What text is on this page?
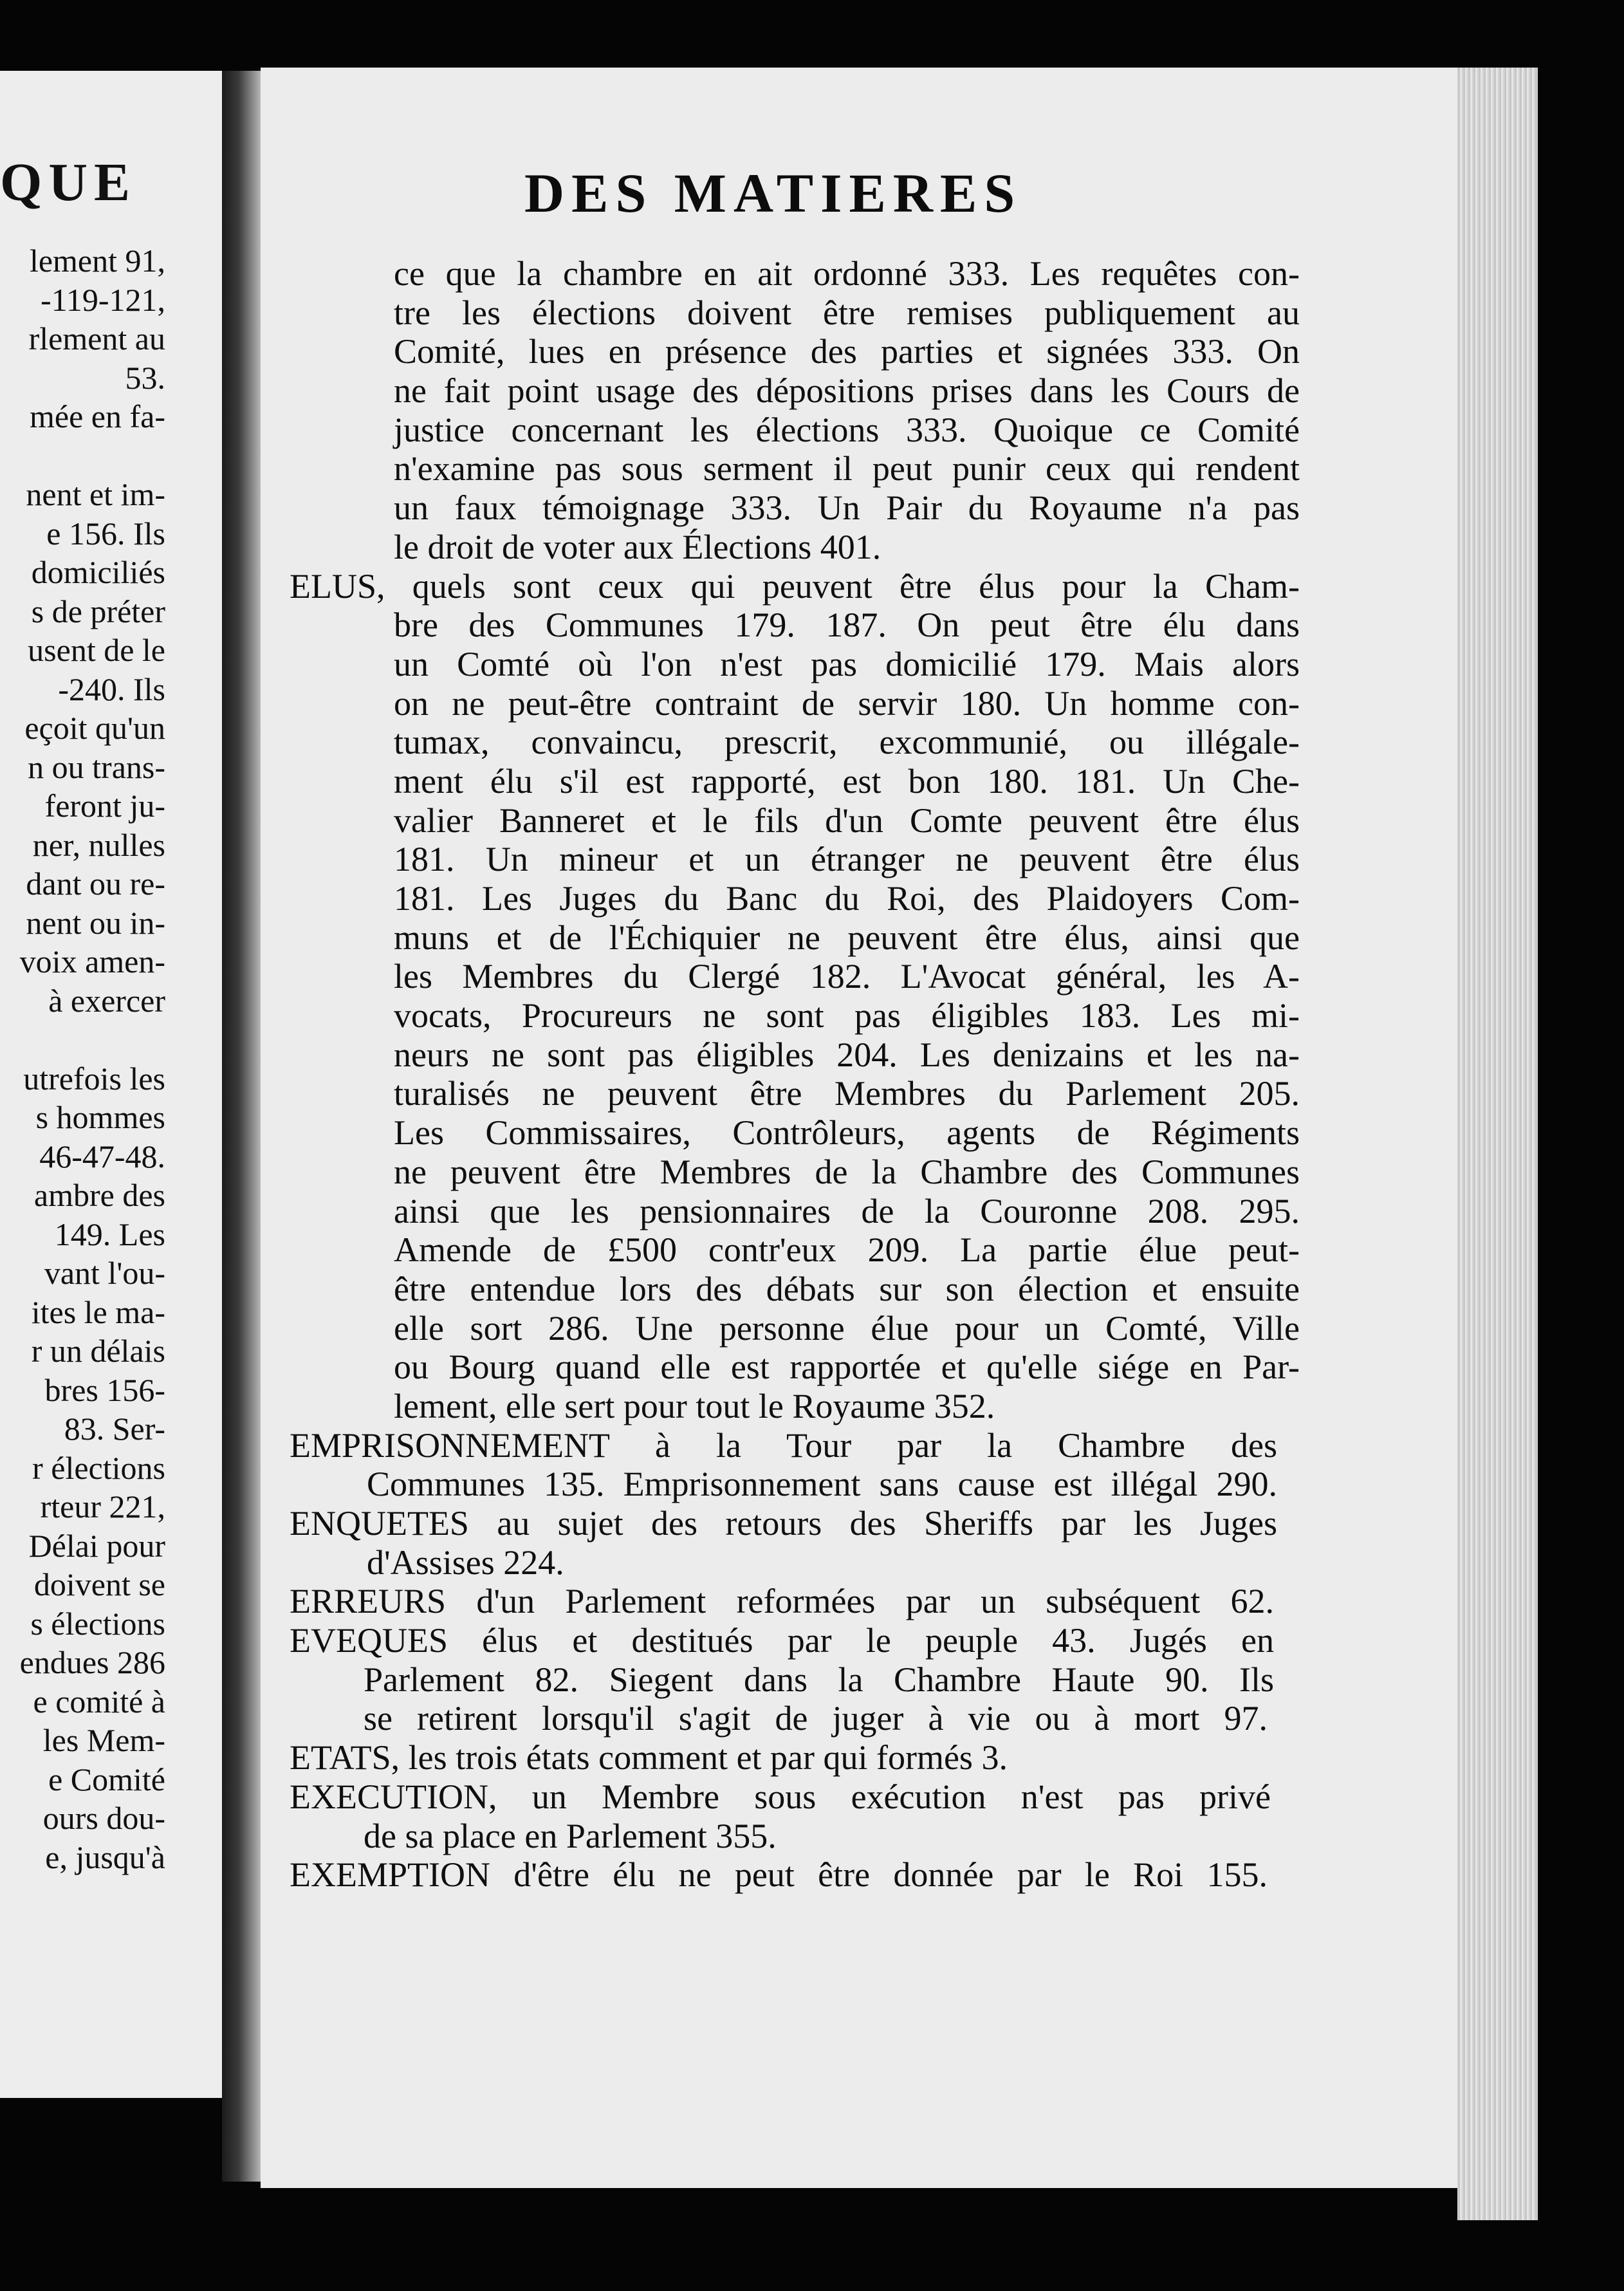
QUE
lement 91,
-119-121,
rlement au
53.
mée en fa-
nent et im-
e 156. Ils
domiciliés
s de préter
usent de le
-240. Ils
eçoit qu'un
n ou trans-
feront ju-
ner, nulles
dant ou re-
nent ou in-
voix amen-
à exercer
utrefois les
s hommes
46-47-48.
ambre des
149. Les
vant l'ou-
ites le ma-
r un délais
bres 156-
83. Ser-
r élections
rteur 221,
Délai pour
doivent se
s élections
endues 286
e comité à
les Mem-
e Comité
ours dou-
e, jusqu'à
DES MATIERES
ce que la chambre en ait ordonné 333. Les requêtes con-
tre les élections doivent être remises publiquement au
Comité, lues en présence des parties et signées 333. On
ne fait point usage des dépositions prises dans les Cours de
justice concernant les élections 333. Quoique ce Comité
n'examine pas sous serment il peut punir ceux qui rendent
un faux témoignage 333. Un Pair du Royaume n'a pas
le droit de voter aux Élections 401.
ELUS, quels sont ceux qui peuvent être élus pour la Cham-
bre des Communes 179. 187. On peut être élu dans
un Comté où l'on n'est pas domicilié 179. Mais alors
on ne peut-être contraint de servir 180. Un homme con-
tumax, convaincu, prescrit, excommunié, ou illégale-
ment élu s'il est rapporté, est bon 180. 181. Un Che-
valier Banneret et le fils d'un Comte peuvent être élus
181. Un mineur et un étranger ne peuvent être élus
181. Les Juges du Banc du Roi, des Plaidoyers Com-
muns et de l'Échiquier ne peuvent être élus, ainsi que
les Membres du Clergé 182. L'Avocat général, les A-
vocats, Procureurs ne sont pas éligibles 183. Les mi-
neurs ne sont pas éligibles 204. Les denizains et les na-
turalisés ne peuvent être Membres du Parlement 205.
Les Commissaires, Contrôleurs, agents de Régiments
ne peuvent être Membres de la Chambre des Communes
ainsi que les pensionnaires de la Couronne 208. 295.
Amende de £500 contr'eux 209. La partie élue peut-
être entendue lors des débats sur son élection et ensuite
elle sort 286. Une personne élue pour un Comté, Ville
ou Bourg quand elle est rapportée et qu'elle siége en Par-
lement, elle sert pour tout le Royaume 352.
EMPRISONNEMENT à la Tour par la Chambre des
Communes 135. Emprisonnement sans cause est illégal 290.
ENQUETES au sujet des retours des Sheriffs par les Juges
d'Assises 224.
ERREURS d'un Parlement reformées par un subséquent 62.
EVEQUES élus et destitués par le peuple 43. Jugés en
Parlement 82. Siegent dans la Chambre Haute 90. Ils
se retirent lorsqu'il s'agit de juger à vie ou à mort 97.
ETATS, les trois états comment et par qui formés 3.
EXECUTION, un Membre sous exécution n'est pas privé
de sa place en Parlement 355.
EXEMPTION d'être élu ne peut être donnée par le Roi 155.
